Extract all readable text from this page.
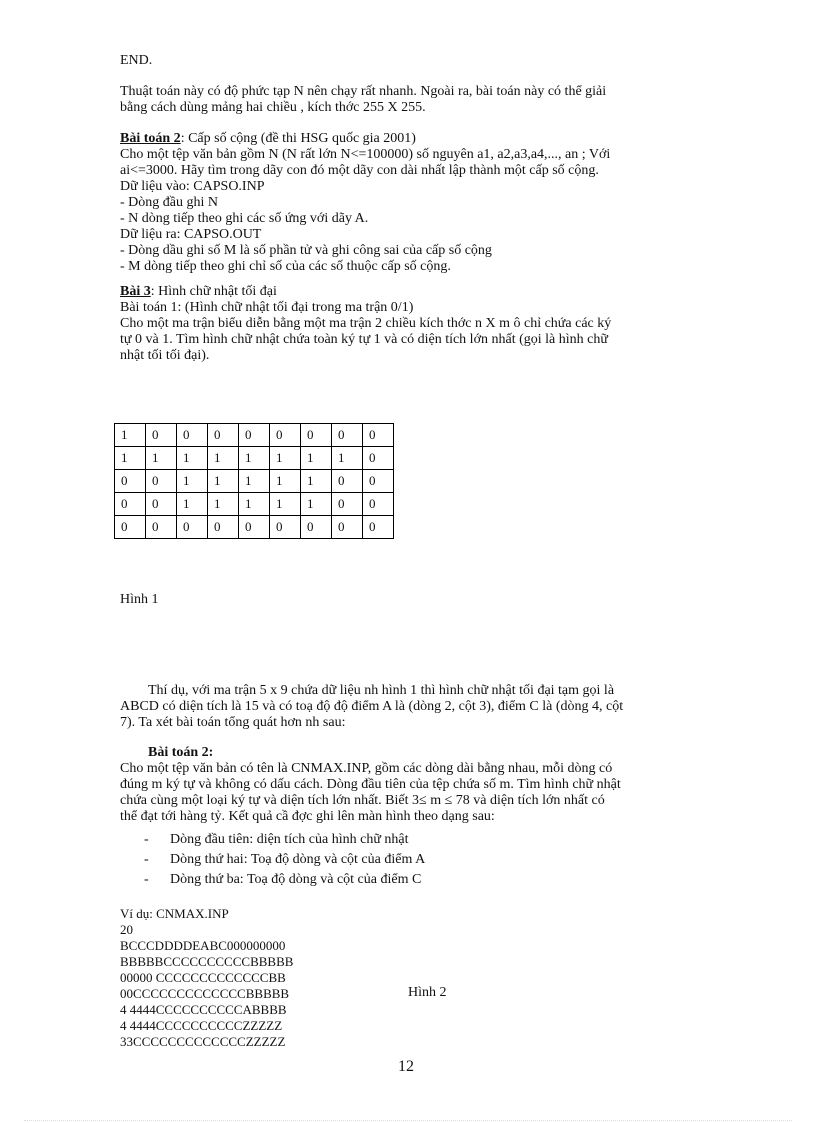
END.
Thuật toán này có độ phức tạp N nên chạy rất nhanh. Ngoài ra, bài toán này có thể giải
bằng cách dùng mảng hai chiều , kích thớc 255 X 255.
Bài toán 2: Cấp số cộng (đề thi HSG quốc gia 2001)
Cho một tệp văn bản gồm N (N rất lớn N<=100000) số nguyên a1, a2,a3,a4,..., an ; Với
ai<=3000. Hãy tìm trong dãy con đó một dãy con dài nhất lập thành một cấp số cộng.
Dữ liệu vào: CAPSO.INP
- Dòng đầu ghi N
- N dòng tiếp theo ghi các số ứng với dãy A.
Dữ liệu ra: CAPSO.OUT
- Dòng dầu ghi số M là số phần tử và ghi công sai của cấp số cộng
- M dòng tiếp theo ghi chỉ số của các số thuộc cấp số cộng.
Bài 3: Hình chữ nhật tối đại
Bài toán 1: (Hình chữ nhật tối đại trong ma trận 0/1)
Cho một ma trận biểu diễn bằng một ma trận 2 chiều kích thớc n X m ô chỉ chứa các ký
tự 0 và 1. Tìm hình chữ nhật chứa toàn ký tự 1 và có diện tích lớn nhất (gọi là hình chữ
nhật tối tối đại).
1	0	0	0	0	0	0	0	0
1	1	1	1	1	1	1	1	0
0	0	1	1	1	1	1	0	0
0	0	1	1	1	1	1	0	0
0	0	0	0	0	0	0	0	0
Hình 1
Thí dụ, với ma trận 5 x 9 chứa dữ liệu nh hình 1 thì hình chữ nhật tối đại tạm gọi là
ABCD có diện tích là 15 và có toạ độ độ điểm A là (dòng 2, cột 3), điểm C là (dòng 4, cột
7). Ta xét bài toán tổng quát hơn nh sau:
Bài toán 2:
Cho một tệp văn bản có tên là CNMAX.INP, gồm các dòng dài bằng nhau, mỗi dòng có
đúng m ký tự và không có dấu cách. Dòng đầu tiên của tệp chứa số m. Tìm hình chữ nhật
chứa cùng một loại ký tự và diện tích lớn nhất. Biết 3≤ m ≤ 78 và diện tích lớn nhất có
thể đạt tới hàng tỷ. Kết quả cầ đợc ghi lên màn hình theo dạng sau:
- Dòng đầu tiên: diện tích của hình chữ nhật
- Dòng thứ hai: Toạ độ dòng và cột của điểm A
- Dòng thứ ba: Toạ độ dòng và cột của điểm C
Ví dụ: CNMAX.INP
20
BCCCDDDDEABC000000000
BBBBBCCCCCCCCCCBBBBB
00000 CCCCCCCCCCCCCBB
00CCCCCCCCCCCCCBBBBB
4 4444CCCCCCCCCCABBBB
4 4444CCCCCCCCCCZZZZZ
33CCCCCCCCCCCCCZZZZZ
Hình 2
12
